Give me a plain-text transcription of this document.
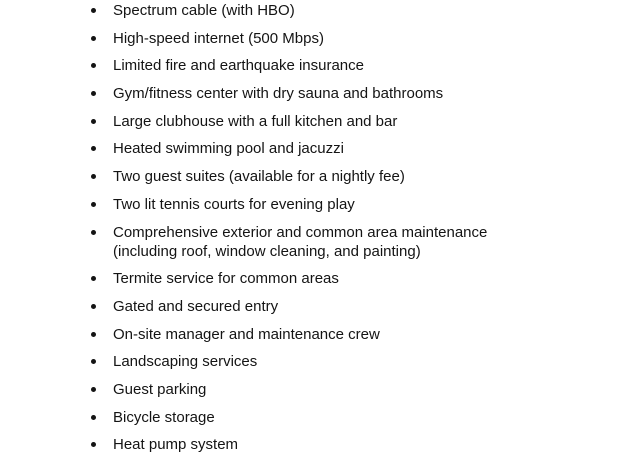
Spectrum cable (with HBO)
High-speed internet (500 Mbps)
Limited fire and earthquake insurance
Gym/fitness center with dry sauna and bathrooms
Large clubhouse with a full kitchen and bar
Heated swimming pool and jacuzzi
Two guest suites (available for a nightly fee)
Two lit tennis courts for evening play
Comprehensive exterior and common area maintenance (including roof, window cleaning, and painting)
Termite service for common areas
Gated and secured entry
On-site manager and maintenance crew
Landscaping services
Guest parking
Bicycle storage
Heat pump system
